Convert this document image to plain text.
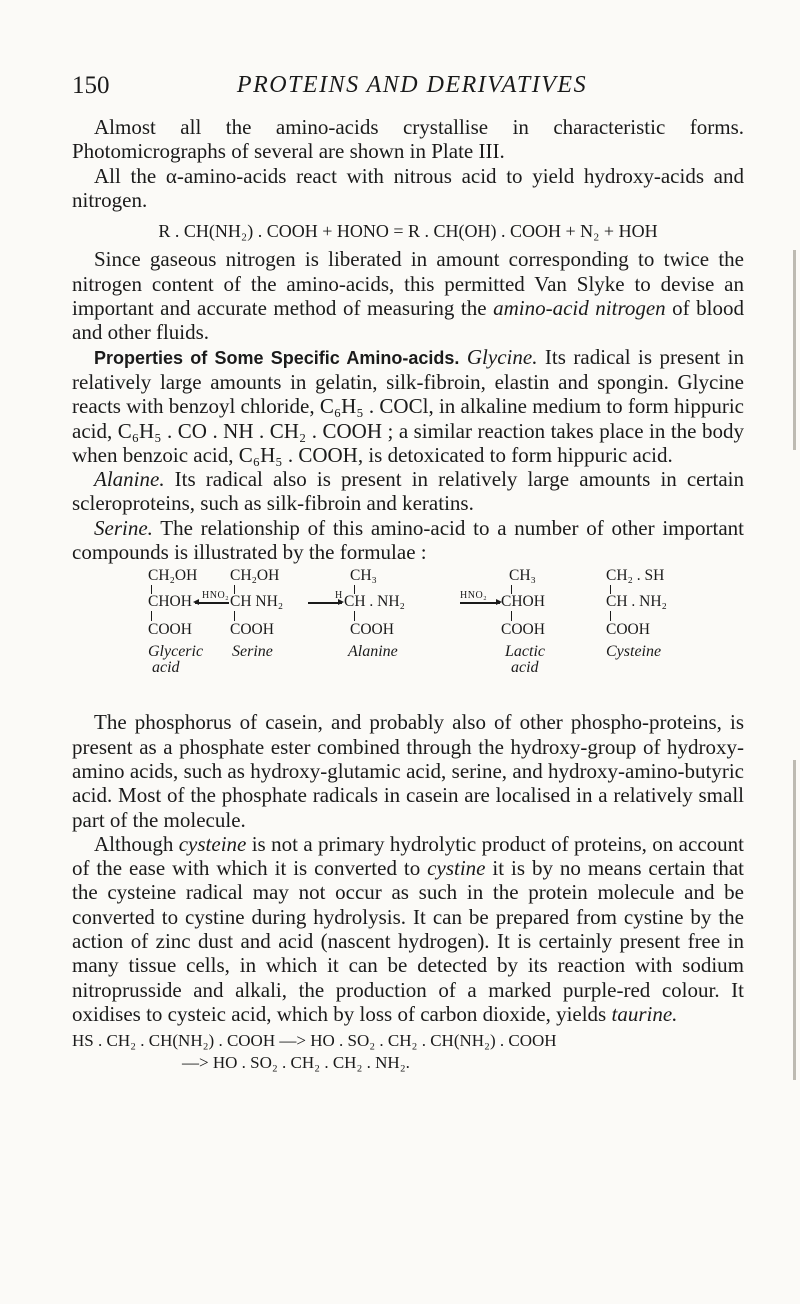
150	PROTEINS AND DERIVATIVES

Almost all the amino-acids crystallise in characteristic forms. Photomicrographs of several are shown in Plate III.

All the α-amino-acids react with nitrous acid to yield hydroxy-acids and nitrogen.

R . CH(NH₂) . COOH + HONO = R . CH(OH) . COOH + N₂ + HOH

Since gaseous nitrogen is liberated in amount corresponding to twice the nitrogen content of the amino-acids, this permitted Van Slyke to devise an important and accurate method of measuring the amino-acid nitrogen of blood and other fluids.

Properties of Some Specific Amino-acids. Glycine. Its radical is present in relatively large amounts in gelatin, silk-fibroin, elastin and spongin. Glycine reacts with benzoyl chloride, C₆H₅ . COCl, in alkaline medium to form hippuric acid, C₆H₅ . CO . NH . CH₂ . COOH ; a similar reaction takes place in the body when benzoic acid, C₆H₅ . COOH, is detoxicated to form hippuric acid.

Alanine. Its radical also is present in relatively large amounts in certain scleroproteins, such as silk-fibroin and keratins.

Serine. The relationship of this amino-acid to a number of other important compounds is illustrated by the formulae :

CH₂OH
CHOH
COOH
Glyceric
acid
HNO₂
CH₂OH
CH NH₂
COOH
Serine
H
CH₃
CH . NH₂
COOH
Alanine
HNO₂
CH₃
CHOH
COOH
Lactic
acid
CH₂ . SH
CH . NH₂
COOH
Cysteine

The phosphorus of casein, and probably also of other phospho-proteins, is present as a phosphate ester combined through the hydroxy-group of hydroxy-amino acids, such as hydroxy-glutamic acid, serine, and hydroxy-amino-butyric acid. Most of the phosphate radicals in casein are localised in a relatively small part of the molecule.

Although cysteine is not a primary hydrolytic product of proteins, on account of the ease with which it is converted to cystine it is by no means certain that the cysteine radical may not occur as such in the protein molecule and be converted to cystine during hydrolysis. It can be prepared from cystine by the action of zinc dust and acid (nascent hydrogen). It is certainly present free in many tissue cells, in which it can be detected by its reaction with sodium nitroprusside and alkali, the production of a marked purple-red colour. It oxidises to cysteic acid, which by loss of carbon dioxide, yields taurine.

HS . CH₂ . CH(NH₂) . COOH —> HO . SO₂ . CH₂ . CH(NH₂) . COOH
—> HO . SO₂ . CH₂ . CH₂ . NH₂.
